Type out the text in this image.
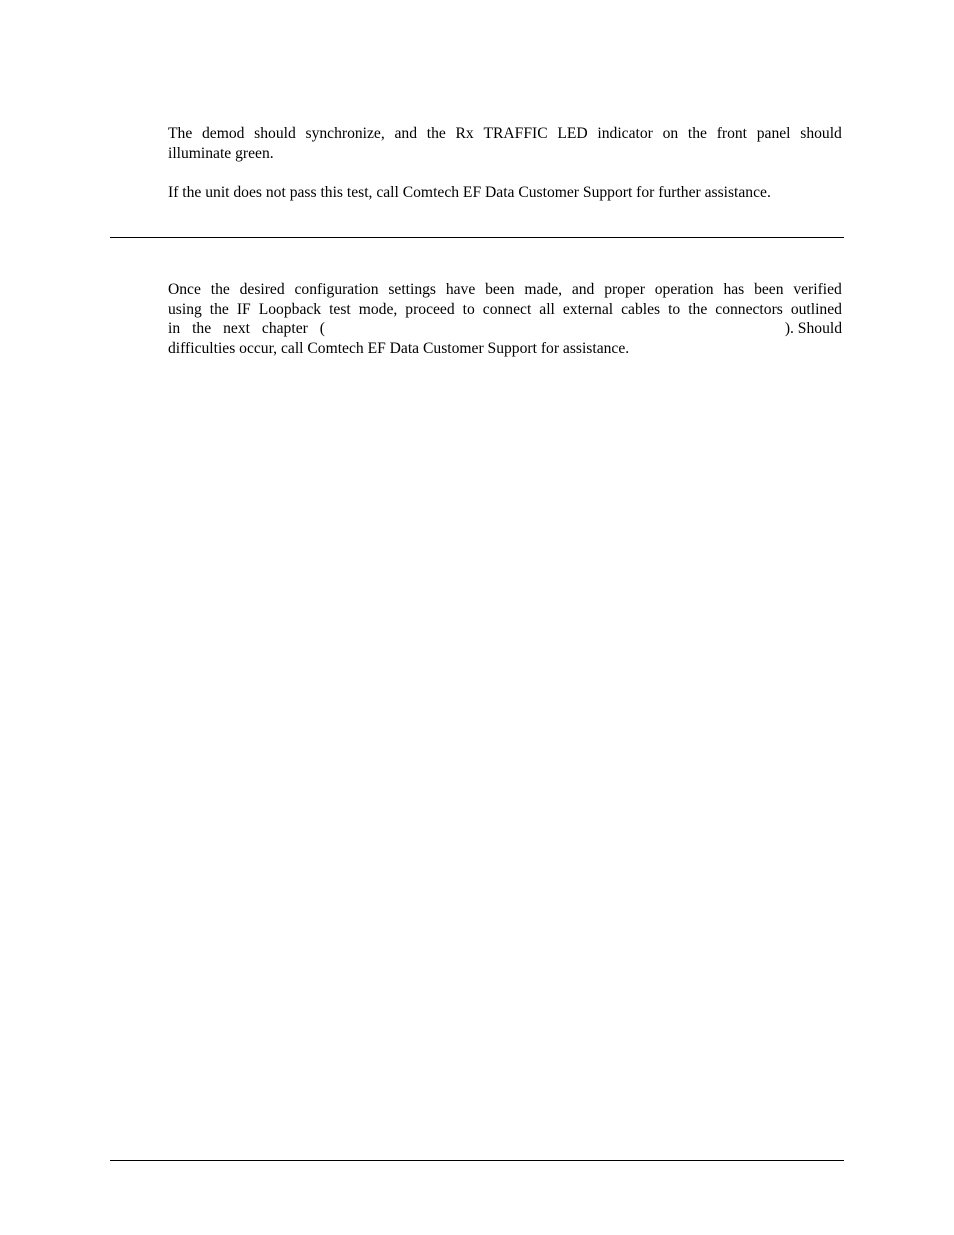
The demod should synchronize, and the Rx TRAFFIC LED indicator on the front panel should
illuminate green.
If the unit does not pass this test, call Comtech EF Data Customer Support for further assistance.
Once the desired configuration settings have been made, and proper operation has been verified
using the IF Loopback test mode, proceed to connect all external cables to the connectors outlined
in the next chapter (	). Should
difficulties occur, call Comtech EF Data Customer Support for assistance.
